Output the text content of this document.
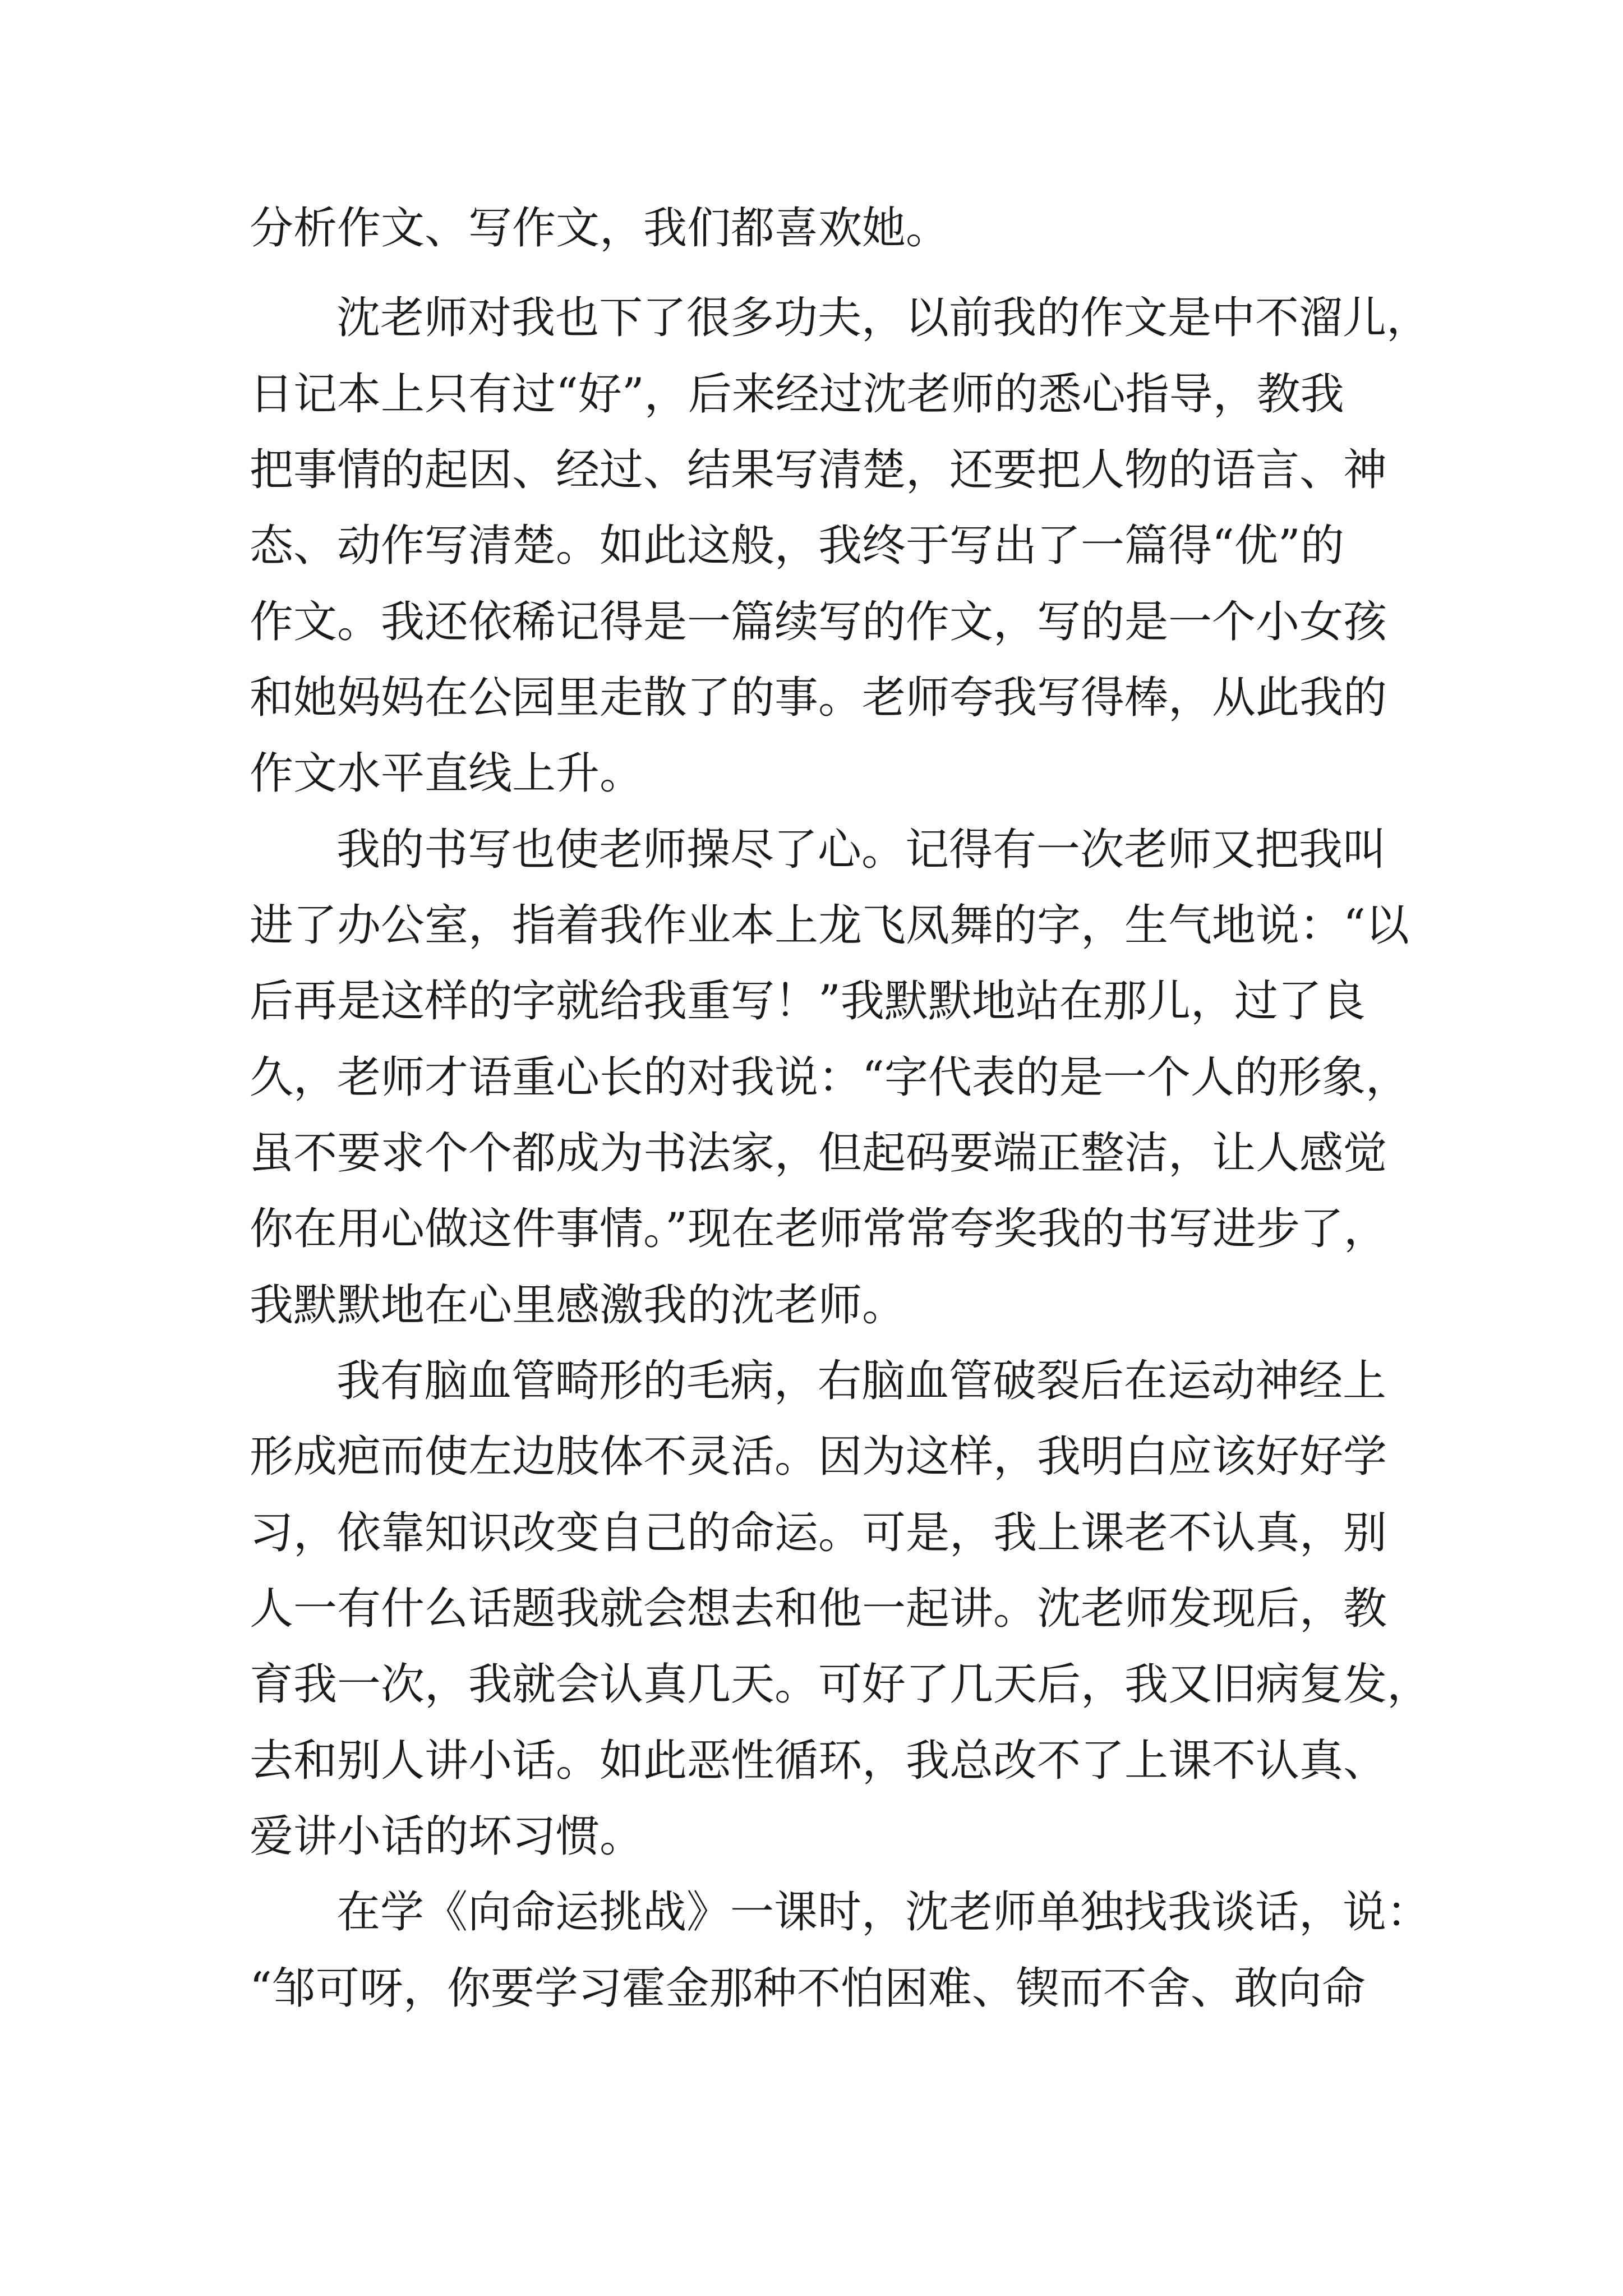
分析作文、写作文，我们都喜欢她。

沈老师对我也下了很多功夫，以前我的作文是中不溜儿，

日记本上只有过“好”，后来经过沈老师的悉心指导，教我

把事情的起因、经过、结果写清楚，还要把人物的语言、神

态、动作写清楚。如此这般，我终于写出了一篇得“优”的

作文。我还依稀记得是一篇续写的作文，写的是一个小女孩

和她妈妈在公园里走散了的事。老师夸我写得棒，从此我的

作文水平直线上升。

我的书写也使老师操尽了心。记得有一次老师又把我叫

进了办公室，指着我作业本上龙飞凤舞的字，生气地说：“以

后再是这样的字就给我重写！”我默默地站在那儿，过了良

久，老师才语重心长的对我说：“字代表的是一个人的形象，

虽不要求个个都成为书法家，但起码要端正整洁，让人感觉

你在用心做这件事情。”现在老师常常夸奖我的书写进步了，

我默默地在心里感激我的沈老师。

我有脑血管畸形的毛病，右脑血管破裂后在运动神经上

形成疤而使左边肢体不灵活。因为这样，我明白应该好好学

习，依靠知识改变自己的命运。可是，我上课老不认真，别

人一有什么话题我就会想去和他一起讲。沈老师发现后，教

育我一次，我就会认真几天。可好了几天后，我又旧病复发，

去和别人讲小话。如此恶性循环，我总改不了上课不认真、

爱讲小话的坏习惯。

在学《向命运挑战》一课时，沈老师单独找我谈话，说：

“邹可呀，你要学习霍金那种不怕困难、锲而不舍、敢向命
